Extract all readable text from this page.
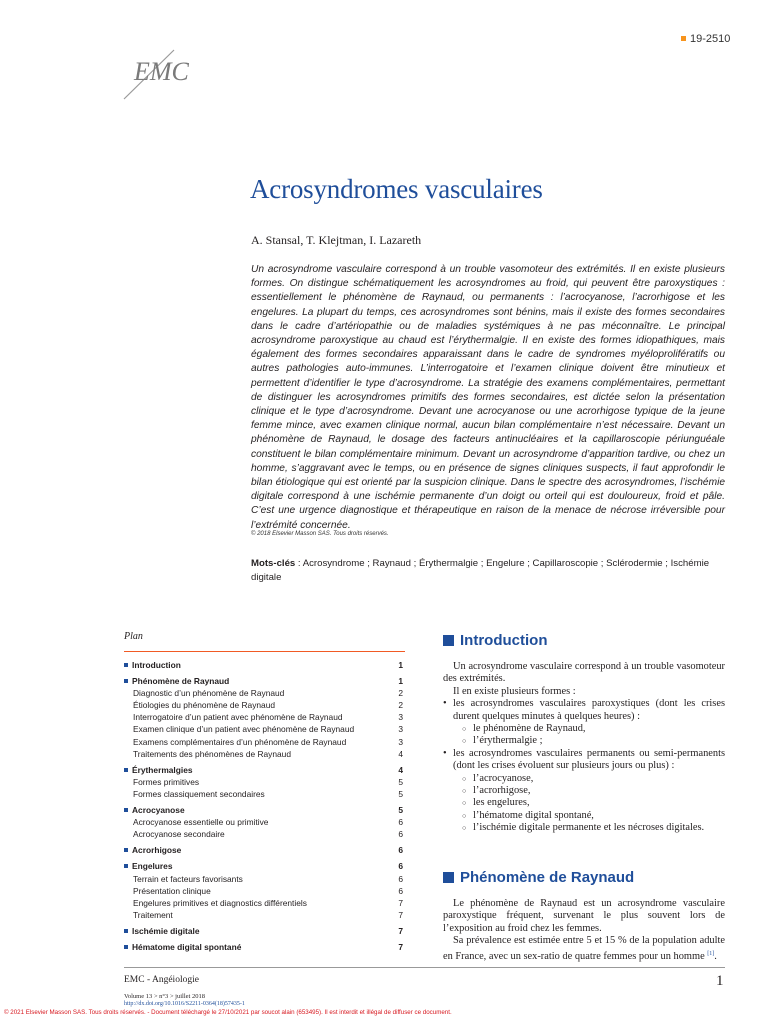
19-2510
EMC
Acrosyndromes vasculaires
A. Stansal, T. Klejtman, I. Lazareth
Un acrosyndrome vasculaire correspond à un trouble vasomoteur des extrémités. Il en existe plusieurs formes. On distingue schématiquement les acrosyndromes au froid, qui peuvent être paroxystiques : essentiellement le phénomène de Raynaud, ou permanents : l’acrocyanose, l’acrorhigose et les engelures. La plupart du temps, ces acrosyndromes sont bénins, mais il existe des formes secondaires dans le cadre d’artériopathie ou de maladies systémiques à ne pas méconnaître. Le principal acrosyndrome paroxystique au chaud est l’érythermalgie. Il en existe des formes idiopathiques, mais également des formes secondaires apparaissant dans le cadre de syndromes myéloprolifératifs ou autres pathologies auto-immunes. L’interrogatoire et l’examen clinique doivent être minutieux et permettent d’identifier le type d’acrosyndrome. La stratégie des examens complémentaires, permettant de distinguer les acrosyndromes primitifs des formes secondaires, est dictée selon la présentation clinique et le type d’acrosyndrome. Devant une acrocyanose ou une acrorhigose typique de la jeune femme mince, avec examen clinique normal, aucun bilan complémentaire n’est nécessaire. Devant un phénomène de Raynaud, le dosage des facteurs antinucléaires et la capillaroscopie périunguéale constituent le bilan complémentaire minimum. Devant un acrosyndrome d’apparition tardive, ou chez un homme, s’aggravant avec le temps, ou en présence de signes cliniques suspects, il faut approfondir le bilan étiologique qui est orienté par la suspicion clinique. Dans le spectre des acrosyndromes, l’ischémie digitale correspond à une ischémie permanente d’un doigt ou orteil qui est douloureux, froid et pâle. C’est une urgence diagnostique et thérapeutique en raison de la menace de nécrose irréversible pour l’extrémité concernée.
© 2018 Elsevier Masson SAS. Tous droits réservés.
Mots-clés : Acrosyndrome ; Raynaud ; Érythermalgie ; Engelure ; Capillaroscopie ; Sclérodermie ; Ischémie digitale
Plan
Introduction	1
Phénomène de Raynaud	1
Diagnostic d’un phénomène de Raynaud	2
Étiologies du phénomène de Raynaud	2
Interrogatoire d’un patient avec phénomène de Raynaud	3
Examen clinique d’un patient avec phénomène de Raynaud	3
Examens complémentaires d’un phénomène de Raynaud	3
Traitements des phénomènes de Raynaud	4
Érythermalgies	4
Formes primitives	5
Formes classiquement secondaires	5
Acrocyanose	5
Acrocyanose essentielle ou primitive	6
Acrocyanose secondaire	6
Acrorhigose	6
Engelures	6
Terrain et facteurs favorisants	6
Présentation clinique	6
Engelures primitives et diagnostics différentiels	7
Traitement	7
Ischémie digitale	7
Hématome digital spontané	7
Introduction

Un acrosyndrome vasculaire correspond à un trouble vasomoteur des extrémités.

Il en existe plusieurs formes :

• les acrosyndromes vasculaires paroxystiques (dont les crises durent quelques minutes à quelques heures) :
○ le phénomène de Raynaud,
○ l’érythermalgie ;
• les acrosyndromes vasculaires permanents ou semi-permanents (dont les crises évoluent sur plusieurs jours ou plus) :
○ l’acrocyanose,
○ l’acrorhigose,
○ les engelures,
○ l’hématome digital spontané,
○ l’ischémie digitale permanente et les nécroses digitales.
Phénomène de Raynaud

Le phénomène de Raynaud est un acrosyndrome vasculaire paroxystique fréquent, survenant le plus souvent lors de l’exposition au froid chez les femmes.

Sa prévalence est estimée entre 5 et 15 % de la population adulte en France, avec un sex-ratio de quatre femmes pour un homme [1].

EMC - Angéiologie
Volume 13 > n°3 > juillet 2018
http://dx.doi.org/10.1016/S2211-0364(18)57435-1
1
© 2021 Elsevier Masson SAS. Tous droits réservés. - Document téléchargé le 27/10/2021 par soucot alain (653495). Il est interdit et illégal de diffuser ce document.
